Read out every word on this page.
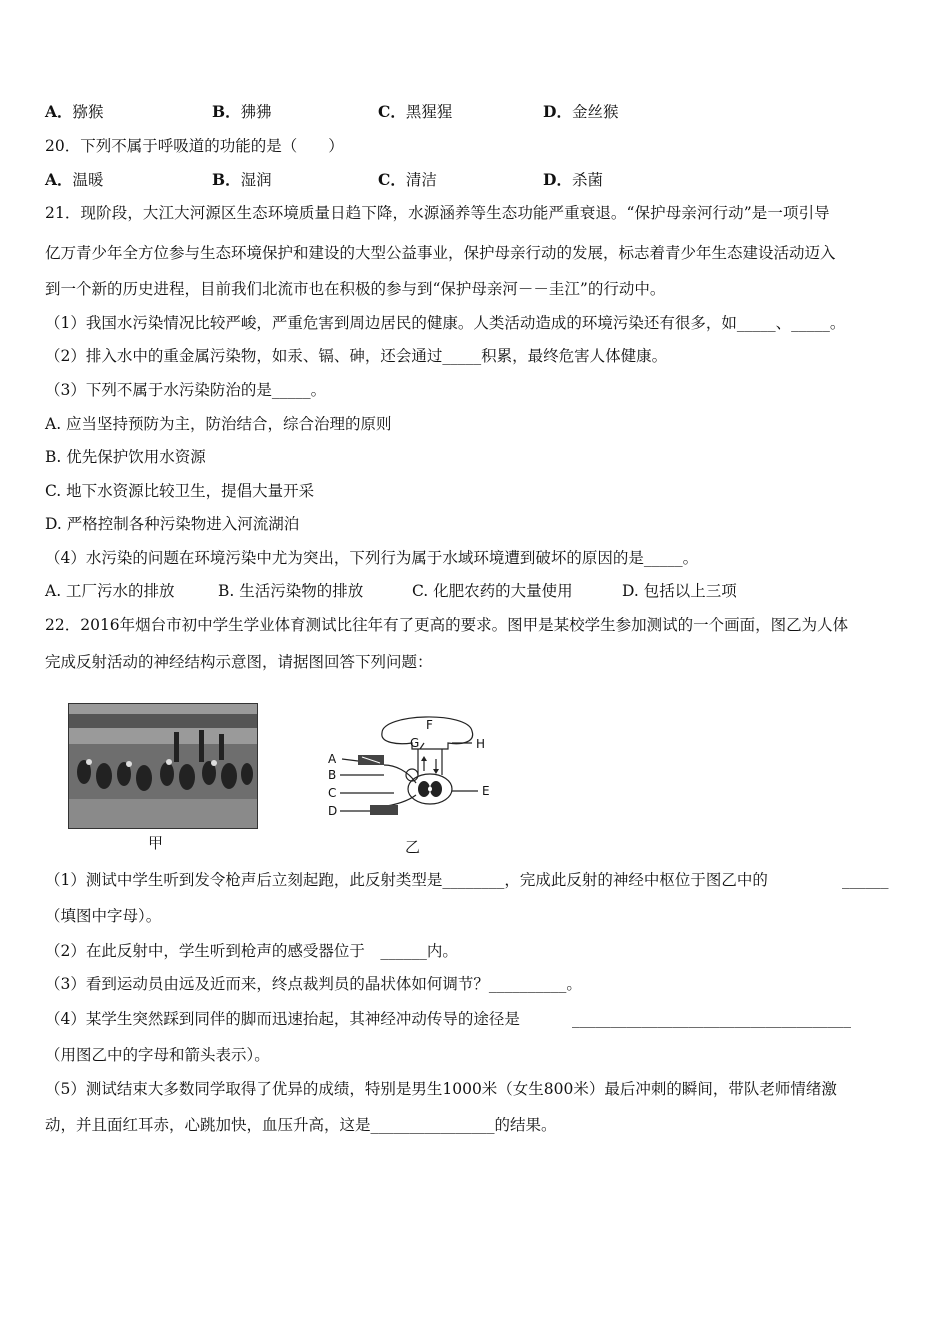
A．猕猴	B．狒狒	C．黑猩猩	D．金丝猴
20．下列不属于呼吸道的功能的是（　　）
A．温暖	B．湿润	C．清洁	D．杀菌
21．现阶段，大江大河源区生态环境质量日趋下降，水源涵养等生态功能严重衰退。“保护母亲河行动”是一项引导
亿万青少年全方位参与生态环境保护和建设的大型公益事业，保护母亲行动的发展，标志着青少年生态建设活动迈入
到一个新的历史进程，目前我们北流市也在积极的参与到“保护母亲河－－圭江”的行动中。
（1）我国水污染情况比较严峻，严重危害到周边居民的健康。人类活动造成的环境污染还有很多，如_____、_____。
（2）排入水中的重金属污染物，如汞、镉、砷，还会通过_____积累，最终危害人体健康。
（3）下列不属于水污染防治的是_____。
A. 应当坚持预防为主，防治结合，综合治理的原则
B. 优先保护饮用水资源
C. 地下水资源比较卫生，提倡大量开采
D. 严格控制各种污染物进入河流湖泊
（4）水污染的问题在环境污染中尤为突出，下列行为属于水域环境遭到破坏的原因的是_____。
A. 工厂污水的排放	B. 生活污染物的排放	C. 化肥农药的大量使用	D. 包括以上三项
22．2016年烟台市初中学生学业体育测试比往年有了更高的要求。图甲是某校学生参加测试的一个画面，图乙为人体
完成反射活动的神经结构示意图，请据图回答下列问题：
甲
F
G	H
A
B
C
D
E
乙
（1）测试中学生听到发令枪声后立刻起跑，此反射类型是________，完成此反射的神经中枢位于图乙中的	______
（填图中字母）。
（2）在此反射中，学生听到枪声的感受器位于　______内。
（3）看到运动员由远及近而来，终点裁判员的晶状体如何调节？__________。
（4）某学生突然踩到同伴的脚而迅速抬起，其神经冲动传导的途径是	____________________________________
（用图乙中的字母和箭头表示）。
（5）测试结束大多数同学取得了优异的成绩，特别是男生1000米（女生800米）最后冲刺的瞬间，带队老师情绪激
动，并且面红耳赤，心跳加快，血压升高，这是________________的结果。
